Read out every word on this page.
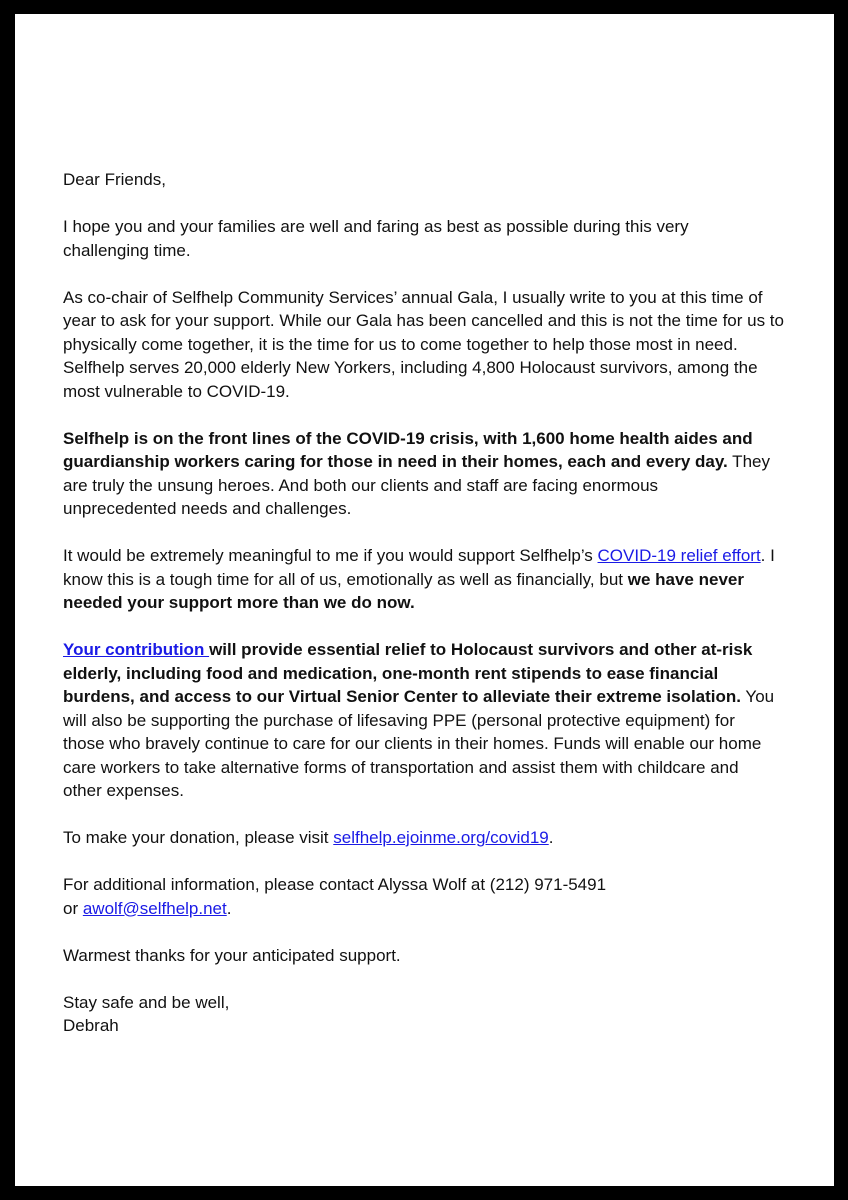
Dear Friends,
I hope you and your families are well and faring as best as possible during this very
challenging time.
As co-chair of Selfhelp Community Services’ annual Gala, I usually write to you at this time of
year to ask for your support. While our Gala has been cancelled and this is not the time for us to
physically come together, it is the time for us to come together to help those most in need.
Selfhelp serves 20,000 elderly New Yorkers, including 4,800 Holocaust survivors, among the
most vulnerable to COVID-19.
Selfhelp is on the front lines of the COVID-19 crisis, with 1,600 home health aides and
guardianship workers caring for those in need in their homes, each and every day. They
are truly the unsung heroes. And both our clients and staff are facing enormous
unprecedented needs and challenges.
It would be extremely meaningful to me if you would support Selfhelp’s COVID-19 relief effort. I
know this is a tough time for all of us, emotionally as well as financially, but we have never
needed your support more than we do now.
Your contribution will provide essential relief to Holocaust survivors and other at-risk
elderly, including food and medication, one-month rent stipends to ease financial
burdens, and access to our Virtual Senior Center to alleviate their extreme isolation. You
will also be supporting the purchase of lifesaving PPE (personal protective equipment) for
those who bravely continue to care for our clients in their homes. Funds will enable our home
care workers to take alternative forms of transportation and assist them with childcare and
other expenses.
To make your donation, please visit selfhelp.ejoinme.org/covid19.
For additional information, please contact Alyssa Wolf at (212) 971-5491
or awolf@selfhelp.net.
Warmest thanks for your anticipated support.
Stay safe and be well,
Debrah
